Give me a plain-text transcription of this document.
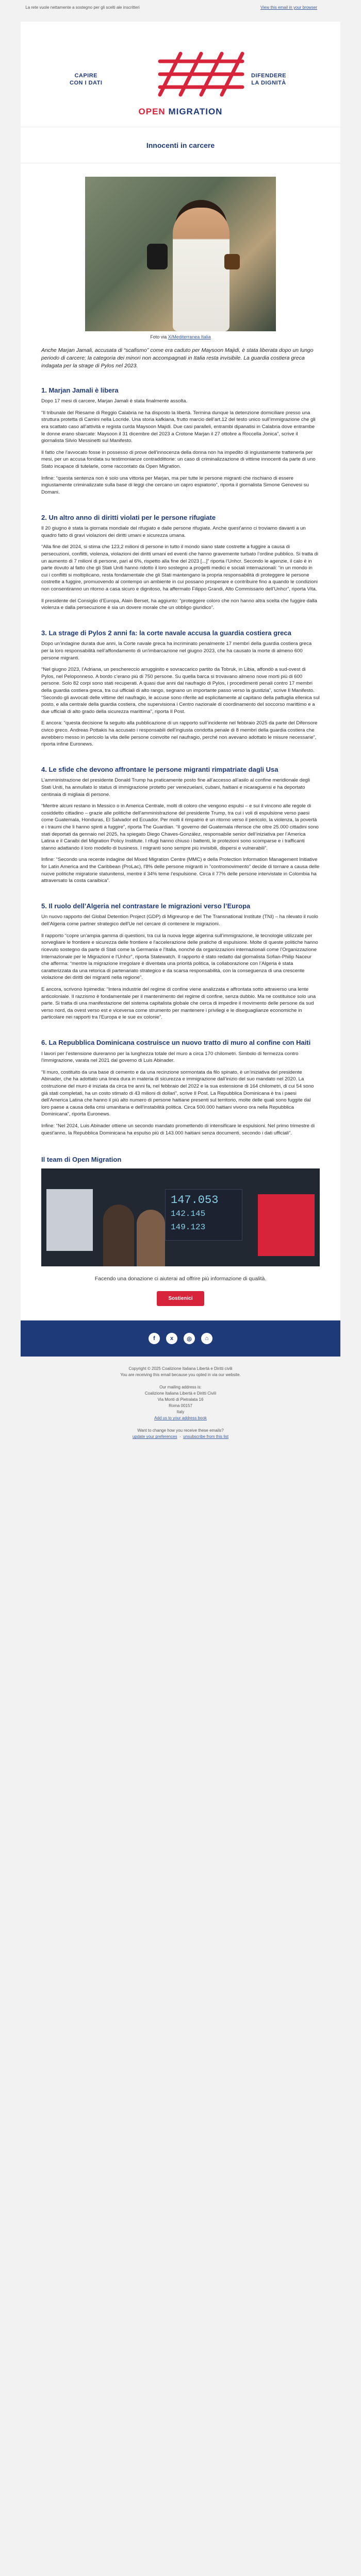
La rete vuole nettamente a sostegno per gli scelti ale inscritteri	View this email in your browser
CAPIRE
CON I DATI
DIFENDERE
LA DIGNITÀ
OPEN MIGRATION
Innocenti in carcere
Foto via X/Mediterranea Italia
Anche Marjan Jamali, accusata di “scafismo” come era caduto per Maysoon Majidi, è stata liberata dopo un lungo periodo di carcere; la categoria dei minori non accompagnati in Italia resta invisibile. La guardia costiera greca indagata per la strage di Pylos nel 2023.
1. Marjan Jamali è libera

Dopo 17 mesi di carcere, Marjan Jamali è stata finalmente assolta.

“Il tribunale del Riesame di Reggio Calabria ne ha disposto la libertà. Termina dunque la detenzione domiciliare presso una struttura protetta di Camini nella Locride. Una storia kafkiana, frutto marcio dell’art.12 del testo unico sull’immigrazione che gli era scattato caso all’attività e regista curda Maysoon Majidi. Due casi paralleli, entrambi dipanatisi in Calabria dove entrambe le donne erano sbarcate: Maysoon il 31 dicembre del 2023 a Crotone Marjan il 27 ottobre a Roccella Jonica”, scrive il giornalista Silvio Messinetti sul Manifesto.

Il fatto che l'avvocato fosse in possesso di prove dell'innocenza della donna non ha impedito di ingiustamente trattenerla per mesi, per un accusa fondata su testimonianze contraddittorie: un caso di criminalizzazione di vittime innocenti da parte di uno Stato incapace di tutelarle, come raccontato da Open Migration.

Infine: “questa sentenza non è solo una vittoria per Marjan, ma per tutte le persone migranti che rischiano di essere ingiustamente criminalizzate sulla base di leggi che cercano un capro espiatorio”, riporta il giornalista Simone Genovesi su Domani.

2. Un altro anno di diritti violati per le persone rifugiate

Il 20 giugno è stata la giornata mondiale del rifugiato e dalle persone rifugiate. Anche quest'anno ci troviamo davanti a un quadro fatto di gravi violazioni dei diritti umani e sicurezza umana.

“Alla fine del 2024, si stima che 123,2 milioni di persone in tutto il mondo siano state costrette a fuggire a causa di persecuzioni, conflitti, violenza, violazioni dei diritti umani ed eventi che hanno gravemente turbato l’ordine pubblico. Si tratta di un aumento di 7 milioni di persone, pari al 6%, rispetto alla fine del 2023 [...]” riporta l’Unhcr. Secondo le agenzie, il calo è in parte dovuto al fatto che gli Stati Uniti hanno ridotto il loro sostegno a progetti medici e sociali internazionali: “in un mondo in cui i conflitti si moltiplicano, resta fondamentale che gli Stati mantengano la propria responsabilità di proteggere le persone costrette a fuggire, promuovendo al contempo un ambiente in cui possano prosperare e contribuire fino a quando le condizioni non consentiranno un ritorno a casa sicuro e dignitoso, ha affermato Filippo Grandi, Alto Commissario dell’Unhcr”, riporta Vita.

Il presidente del Consiglio d’Europa, Alain Berset, ha aggiunto: “proteggere coloro che non hanno altra scelta che fuggire dalla violenza e dalla persecuzione è sia un dovere morale che un obbligo giuridico”.

3. La strage di Pylos 2 anni fa: la corte navale accusa la guardia costiera greca

Dopo un’indagine durata due anni, la Corte navale greca ha incriminato penalmente 17 membri della guardia costiera greca per la loro responsabilità nell’affondamento di un'imbarcazione nel giugno 2023, che ha causato la morte di almeno 600 persone migranti.

“Nel giugno 2023, l’Adriana, un peschereccio arrugginito e sovraccarico partito da Tobruk, in Libia, affondò a sud-ovest di Pylos, nel Peloponneso. A bordo c’erano più di 750 persone. Su quella barca si trovavano almeno nove morti più di 600 persone. Solo 82 corpi sono stati recuperati. A quasi due anni dal naufragio di Pylos, i procedimenti penali contro 17 membri della guardia costiera greca, tra cui ufficiali di alto rango, segnano un importante passo verso la giustizia”, scrive Il Manifesto. “Secondo gli avvocati delle vittime del naufragio, le accuse sono riferite ad esplicitamente al capitano della pattuglia ellenica sul posto, e alla centrale della guardia costiera, che supervisiona i Centro nazionale di coordinamento del soccorso marittimo e a due ufficiali di alto grado della sicurezza marittima”, riporta Il Post.

E ancora: “questa decisione fa seguito alla pubblicazione di un rapporto sull’incidente nel febbraio 2025 da parte del Difensore civico greco. Andreas Pottakis ha accusato i responsabili dell’ingiusta condotta penale di 8 membri della guardia costiera che avrebbero messo in pericolo la vita delle persone coinvolte nel naufragio, perché non avevano adottato le misure necessarie”, riporta infine Euronews.

4. Le sfide che devono affrontare le persone migranti rimpatriate dagli Usa

L’amministrazione del presidente Donald Trump ha praticamente posto fine all’accesso all’asilo al confine meridionale degli Stati Uniti, ha annullato lo status di immigrazione protetto per venezuelani, cubani, haitiani e nicaraguensi e ha deportato centinaia di migliaia di persone.

“Mentre alcuni restano in Messico o in America Centrale, molti di coloro che vengono espulsi – e sui il vincono alle regole di cosiddetto cittadino – grazie alle politiche dell'amministrazione del presidente Trump, tra cui i voli di espulsione verso paesi come Guatemala, Honduras, El Salvador ed Ecuador. Per molti il rimpatrio è un ritorno verso il pericolo, la violenza, la povertà e i traumi che li hanno spinti a fuggire”, riporta The Guardian. “Il governo del Guatemala riferisce che oltre 25.000 cittadini sono stati deportati da gennaio nel 2025, ha spiegato Diego Chaves-González, responsabile senior dell’iniziativa per l’America Latina e il Caraibi del Migration Policy Institute. I rifugi hanno chiuso i battenti, le protezioni sono scomparse e i trafficanti stanno adattando il loro modello di business. I migranti sono sempre più invisibili, dispersi e vulnerabili”.

Infine: “Secondo una recente indagine del Mixed Migration Centre (MMC) e della Protection Information Management Initiative for Latin America and the Caribbean (ProLac), l'8% delle persone migranti in ”contromovimento” decide di tornare a causa delle nuove politiche migratorie statunitensi, mentre il 34% teme l’espulsione. Circa il 77% delle persone intervistate in Colombia ha attraversato la costa caraibica”.

5. Il ruolo dell’Algeria nel contrastare le migrazioni verso l’Europa

Un nuovo rapporto del Global Detention Project (GDP) di Migreurop e del The Transnational Institute (TNI) – ha rilevato il ruolo dell'Algeria come partner strategico dell'Ue nel cercare di contenere le migrazioni.

Il rapporto “copre un'ampia gamma di questioni, tra cui la nuova legge algerina sull’immigrazione, le tecnologie utilizzate per sorvegliare le frontiere e sicurezza delle frontiere e l'accelerazione delle pratiche di espulsione. Molte di queste politiche hanno ricevuto sostegno da parte di Stati come la Germania e l'Italia, nonché da organizzazioni internazionali come l’Organizzazione Internazionale per le Migrazioni e l'Unhcr”, riporta Statewatch. Il rapporto è stato redatto dal giornalista Sofian-Philip Naceur che afferma: “mentre la migrazione irregolare è diventata una priorità politica, la collaborazione con l’Algeria è stata caratterizzata da una retorica di partenariato strategico e da scarsa responsabilità, con la conseguenza di una crescente violazione dei diritti dei migranti nella regione”.

E ancora, scrivono Irpimedia: “Intera industrie del regime di confine viene analizzata e affrontata sotto attraverso una lente anticoloniale. Il razzismo è fondamentale per il mantenimento del regime di confine, senza dubbio. Ma ne costituisce solo una parte. Si tratta di una manifestazione del sistema capitalista globale che cerca di impedire il movimento delle persone da sud verso nord, da ovest verso est e viceversa come strumento per mantenere i privilegi e le diseguaglianze economiche in particolare nei rapporti tra l'Europa e le sue ex colonie”.

6. La Repubblica Dominicana costruisce un nuovo tratto di muro al confine con Haiti

I lavori per l’estensione dureranno per la lunghezza totale del muro a circa 170 chilometri. Simbolo di fermezza contro l'immigrazione, varata nel 2021 dal governo di Luis Abinader.

“Il muro, costituito da una base di cemento e da una recinzione sormontata da filo spinato, è un’iniziativa del presidente Abinader, che ha adottato una linea dura in materia di sicurezza e immigrazione dall’inizio del suo mandato nel 2020. La costruzione del muro è iniziata da circa tre anni fa, nel febbraio del 2022 e la sua estensione di 164 chilometri, di cui 54 sono già stati completati, ha un costo stimato di 43 milioni di dollari”, scrive Il Post. La Repubblica Dominicana è tra i paesi dell'America Latina che hanno il più alto numero di persone haitiane presenti sul territorio, molte delle quali sono fuggite dal loro paese a causa della crisi umanitaria e dell'instabilità politica. Circa 500.000 haitiani vivono ora nella Repubblica Dominicana”, riporta Euronews.

Infine: “Nel 2024, Luis Abinader ottiene un secondo mandato promettendo di intensificare le espulsioni. Nel primo trimestre di quest'anno, la Repubblica Dominicana ha espulso più di 143.000 haitiani senza documenti, secondo i dati ufficiali”.

Il team di Open Migration
147.053
142.145
149.123
Facendo una donazione ci aiuterai ad offrire più informazione di qualità.
Sostienici
f	x	◎	⌂
Copyright © 2025 Coalizione Italiana Libertà e Diritti civili
You are receiving this email because you opted in via our website.

Our mailing address is:
Coalizione Italiana Libertà e Diritti Civili
Via Monti di Pietralata 16
Roma 00157
Italy
Add us to your address book

Want to change how you receive these emails?
update your preferences  ·  unsubscribe from this list
